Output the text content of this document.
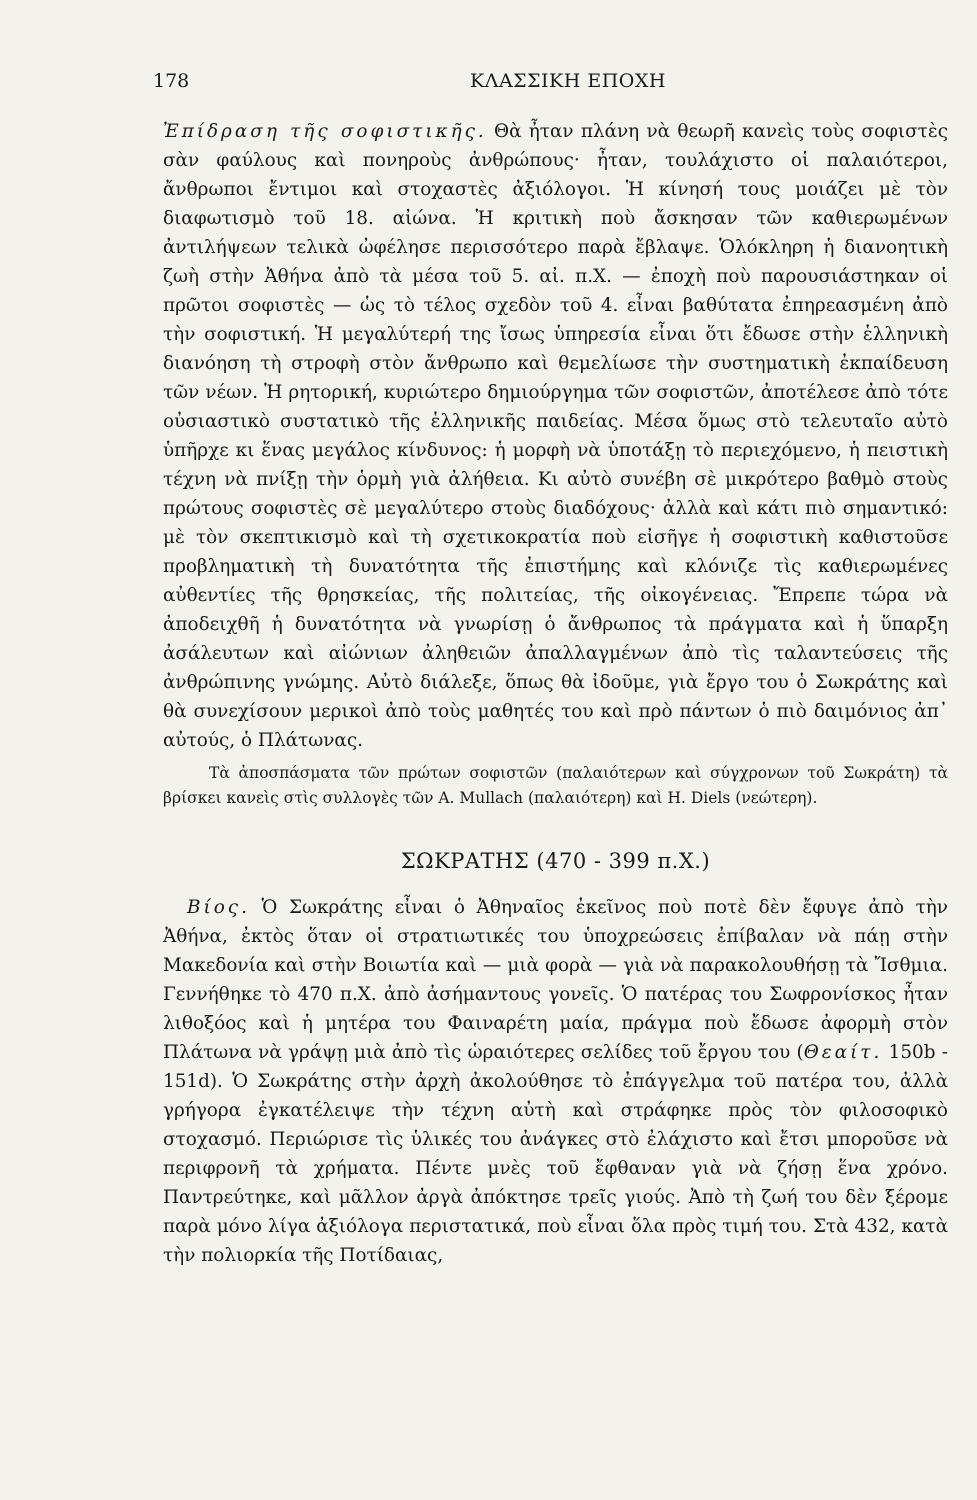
178	ΚΛΑΣΣΙΚΗ ΕΠΟΧΗ

Ἐπίδραση τῆς σοφιστικῆς. Θὰ ἦταν πλάνη νὰ θεωρῆ κανεὶς τοὺς σοφιστὲς σὰν φαύλους καὶ πονηροὺς ἀνθρώπους· ἦταν, τουλάχιστο οἱ παλαιότεροι, ἄνθρωποι ἔντιμοι καὶ στοχαστὲς ἀξιόλογοι. Ἡ κίνησή τους μοιάζει μὲ τὸν διαφωτισμὸ τοῦ 18. αἰώνα. Ἡ κριτικὴ ποὺ ἄσκησαν τῶν καθιερωμένων ἀντιλήψεων τελικὰ ὠφέλησε περισσότερο παρὰ ἔβλαψε. Ὁλόκληρη ἡ διανοητικὴ ζωὴ στὴν Ἀθήνα ἀπὸ τὰ μέσα τοῦ 5. αἰ. π.Χ. — ἐποχὴ ποὺ παρουσιάστηκαν οἱ πρῶτοι σοφιστὲς — ὡς τὸ τέλος σχεδὸν τοῦ 4. εἶναι βαθύτατα ἐπηρεασμένη ἀπὸ τὴν σοφιστική. Ἡ μεγαλύτερή της ἴσως ὑπηρεσία εἶναι ὅτι ἔδωσε στὴν ἑλληνικὴ διανόηση τὴ στροφὴ στὸν ἄνθρωπο καὶ θεμελίωσε τὴν συστηματικὴ ἐκπαίδευση τῶν νέων. Ἡ ρητορική, κυριώτερο δημιούργημα τῶν σοφιστῶν, ἀποτέλεσε ἀπὸ τότε οὐσιαστικὸ συστατικὸ τῆς ἑλληνικῆς παιδείας. Μέσα ὅμως στὸ τελευταῖο αὐτὸ ὑπῆρχε κι ἕνας μεγάλος κίνδυνος: ἡ μορφὴ νὰ ὑποτάξῃ τὸ περιεχόμενο, ἡ πειστικὴ τέχνη νὰ πνίξῃ τὴν ὁρμὴ γιὰ ἀλήθεια. Κι αὐτὸ συνέβη σὲ μικρότερο βαθμὸ στοὺς πρώτους σοφιστὲς σὲ μεγαλύτερο στοὺς διαδόχους· ἀλλὰ καὶ κάτι πιὸ σημαντικό: μὲ τὸν σκεπτικισμὸ καὶ τὴ σχετικοκρατία ποὺ εἰσῆγε ἡ σοφιστικὴ καθιστοῦσε προβληματικὴ τὴ δυνατότητα τῆς ἐπιστήμης καὶ κλόνιζε τὶς καθιερωμένες αὐθεντίες τῆς θρησκείας, τῆς πολιτείας, τῆς οἰκογένειας. Ἔπρεπε τώρα νὰ ἀποδειχθῆ ἡ δυνατότητα νὰ γνωρίσῃ ὁ ἄνθρωπος τὰ πράγματα καὶ ἡ ὕπαρξη ἀσάλευτων καὶ αἰώνιων ἀληθειῶν ἀπαλλαγμένων ἀπὸ τὶς ταλαντεύσεις τῆς ἀνθρώπινης γνώμης. Αὐτὸ διάλεξε, ὅπως θὰ ἰδοῦμε, γιὰ ἔργο του ὁ Σωκράτης καὶ θὰ συνεχίσουν μερικοὶ ἀπὸ τοὺς μαθητές του καὶ πρὸ πάντων ὁ πιὸ δαιμόνιος ἀπ᾽ αὐτούς, ὁ Πλάτωνας.

Τὰ ἀποσπάσματα τῶν πρώτων σοφιστῶν (παλαιότερων καὶ σύγχρονων τοῦ Σωκράτη) τὰ βρίσκει κανεὶς στὶς συλλογὲς τῶν A. Mullach (παλαιότερη) καὶ H. Diels (νεώτερη).

ΣΩΚΡΑΤΗΣ (470 - 399 π.Χ.)

Βίος. Ὁ Σωκράτης εἶναι ὁ Ἀθηναῖος ἐκεῖνος ποὺ ποτὲ δὲν ἔφυγε ἀπὸ τὴν Ἀθήνα, ἐκτὸς ὅταν οἱ στρατιωτικές του ὑποχρεώσεις ἐπίβαλαν νὰ πάῃ στὴν Μακεδονία καὶ στὴν Βοιωτία καὶ — μιὰ φορὰ — γιὰ νὰ παρακολουθήσῃ τὰ Ἴσθμια. Γεννήθηκε τὸ 470 π.Χ. ἀπὸ ἀσήμαντους γονεῖς. Ὁ πατέρας του Σωφρονίσκος ἦταν λιθοξόος καὶ ἡ μητέρα του Φαιναρέτη μαία, πράγμα ποὺ ἔδωσε ἀφορμὴ στὸν Πλάτωνα νὰ γράψῃ μιὰ ἀπὸ τὶς ὡραιότερες σελίδες τοῦ ἔργου του (Θεαίτ. 150b - 151d). Ὁ Σωκράτης στὴν ἀρχὴ ἀκολούθησε τὸ ἐπάγγελμα τοῦ πατέρα του, ἀλλὰ γρήγορα ἐγκατέλειψε τὴν τέχνη αὐτὴ καὶ στράφηκε πρὸς τὸν φιλοσοφικὸ στοχασμό. Περιώρισε τὶς ὑλικές του ἀνάγκες στὸ ἐλάχιστο καὶ ἔτσι μποροῦσε νὰ περιφρονῆ τὰ χρήματα. Πέντε μνὲς τοῦ ἔφθαναν γιὰ νὰ ζήσῃ ἕνα χρόνο. Παντρεύτηκε, καὶ μᾶλλον ἀργὰ ἀπόκτησε τρεῖς γιούς. Ἀπὸ τὴ ζωή του δὲν ξέρομε παρὰ μόνο λίγα ἀξιόλογα περιστατικά, ποὺ εἶναι ὅλα πρὸς τιμή του. Στὰ 432, κατὰ τὴν πολιορκία τῆς Ποτίδαιας,
